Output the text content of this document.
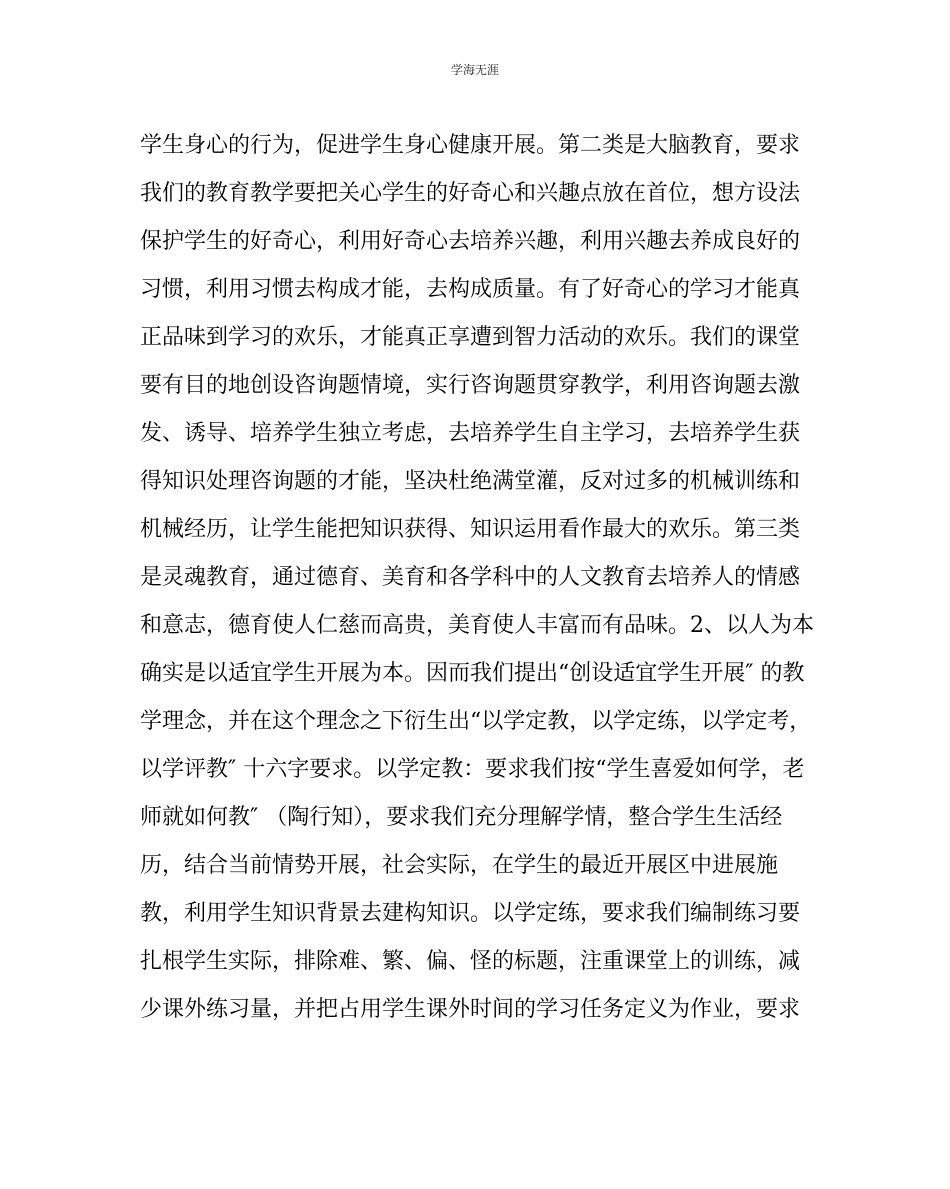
学海无涯
学生身心的行为，促进学生身心健康开展。第二类是大脑教育，要求
我们的教育教学要把关心学生的好奇心和兴趣点放在首位，想方设法
保护学生的好奇心，利用好奇心去培养兴趣，利用兴趣去养成良好的
习惯，利用习惯去构成才能，去构成质量。有了好奇心的学习才能真
正品味到学习的欢乐，才能真正享遭到智力活动的欢乐。我们的课堂
要有目的地创设咨询题情境，实行咨询题贯穿教学，利用咨询题去激
发、诱导、培养学生独立考虑，去培养学生自主学习，去培养学生获
得知识处理咨询题的才能，坚决杜绝满堂灌，反对过多的机械训练和
机械经历，让学生能把知识获得、知识运用看作最大的欢乐。第三类
是灵魂教育，通过德育、美育和各学科中的人文教育去培养人的情感
和意志，德育使人仁慈而高贵，美育使人丰富而有品味。2、以人为本
确实是以适宜学生开展为本。因而我们提出“创设适宜学生开展″ 的教
学理念，并在这个理念之下衍生出“以学定教，以学定练，以学定考，
以学评教″ 十六字要求。以学定教：要求我们按“学生喜爱如何学，老
师就如何教″ （陶行知），要求我们充分理解学情，整合学生生活经
历，结合当前情势开展，社会实际，在学生的最近开展区中进展施
教，利用学生知识背景去建构知识。以学定练，要求我们编制练习要
扎根学生实际，排除难、繁、偏、怪的标题，注重课堂上的训练，减
少课外练习量，并把占用学生课外时间的学习任务定义为作业，要求
